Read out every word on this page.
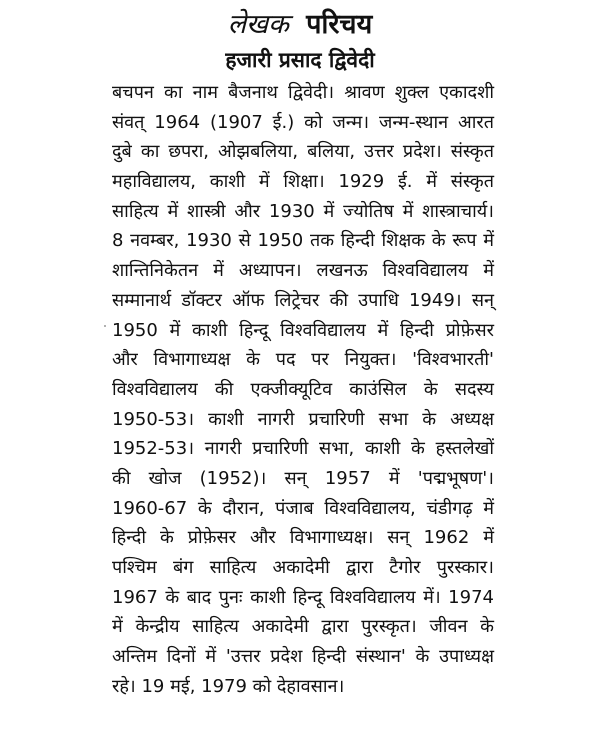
लेखक परिचय
हजारी प्रसाद द्विवेदी
बचपन का नाम बैजनाथ द्विवेदी। श्रावण शुक्ल एकादशी
संवत् 1964 (1907 ई.) को जन्म। जन्म-स्थान आरत
दुबे का छपरा, ओझबलिया, बलिया, उत्तर प्रदेश। संस्कृत
महाविद्यालय, काशी में शिक्षा। 1929 ई. में संस्कृत
साहित्य में शास्त्री और 1930 में ज्योतिष में शास्त्राचार्य।
8 नवम्बर, 1930 से 1950 तक हिन्दी शिक्षक के रूप में
शान्तिनिकेतन में अध्यापन। लखनऊ विश्वविद्यालय में
सम्मानार्थ डॉक्टर ऑफ लिट्रेचर की उपाधि 1949। सन्
1950 में काशी हिन्दू विश्वविद्यालय में हिन्दी प्रोफ़ेसर
और विभागाध्यक्ष के पद पर नियुक्त। 'विश्वभारती'
विश्वविद्यालय की एक्जीक्यूटिव काउंसिल के सदस्य
1950-53। काशी नागरी प्रचारिणी सभा के अध्यक्ष
1952-53। नागरी प्रचारिणी सभा, काशी के हस्तलेखों
की खोज (1952)। सन् 1957 में 'पद्मभूषण'।
1960-67 के दौरान, पंजाब विश्वविद्यालय, चंडीगढ़ में
हिन्दी के प्रोफ़ेसर और विभागाध्यक्ष। सन् 1962 में
पश्चिम बंग साहित्य अकादेमी द्वारा टैगोर पुरस्कार।
1967 के बाद पुनः काशी हिन्दू विश्वविद्यालय में। 1974
में केन्द्रीय साहित्य अकादेमी द्वारा पुरस्कृत। जीवन के
अन्तिम दिनों में 'उत्तर प्रदेश हिन्दी संस्थान' के उपाध्यक्ष
रहे। 19 मई, 1979 को देहावसान।
